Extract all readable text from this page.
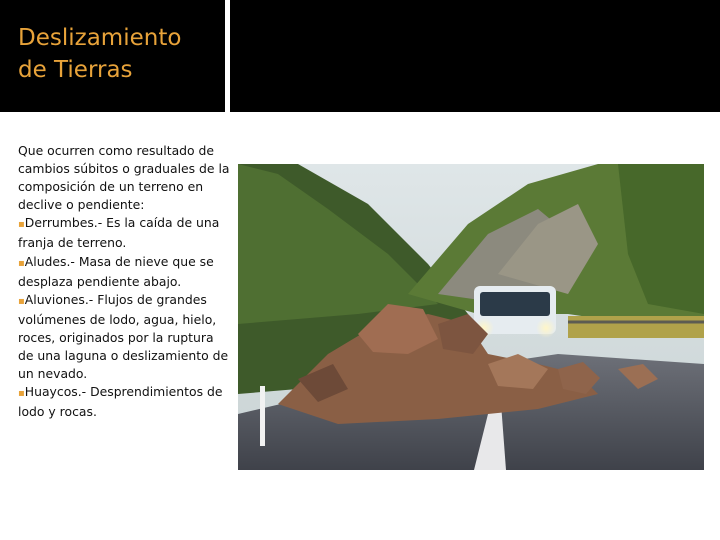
Deslizamiento
de Tierras

Que ocurren como resultado de cambios súbitos o graduales de la composición de un terreno en declive o pendiente:

▪Derrumbes.- Es la caída de una franja de terreno.

▪Aludes.- Masa de nieve que se desplaza pendiente abajo.

▪Aluviones.- Flujos de grandes volúmenes de lodo, agua, hielo, roces, originados por la ruptura de una laguna o deslizamiento de un nevado.

▪Huaycos.- Desprendimientos de lodo y rocas.
